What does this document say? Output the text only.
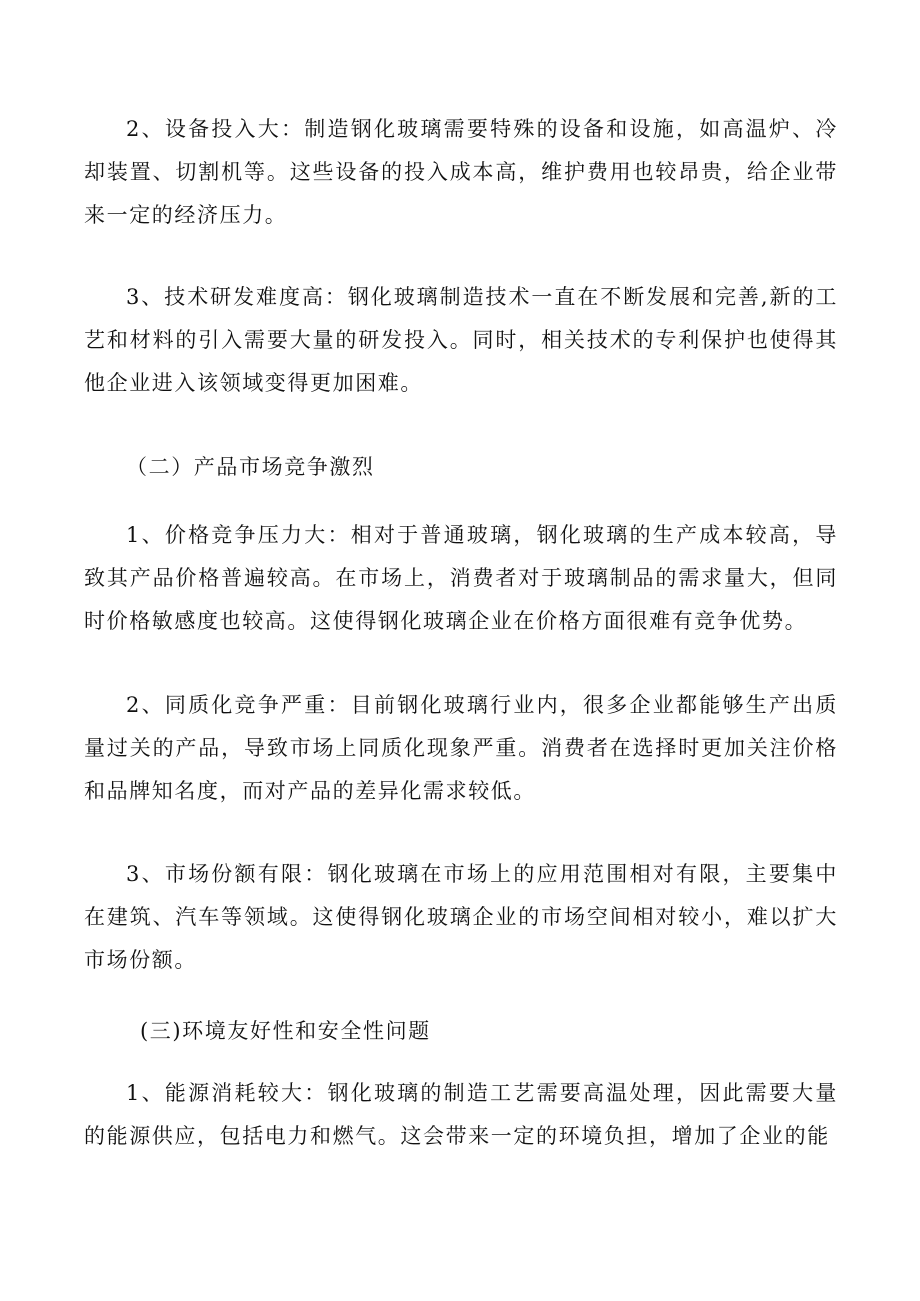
2、设备投入大：制造钢化玻璃需要特殊的设备和设施，如高温炉、冷却装置、切割机等。这些设备的投入成本高，维护费用也较昂贵，给企业带来一定的经济压力。

3、技术研发难度高：钢化玻璃制造技术一直在不断发展和完善,新的工艺和材料的引入需要大量的研发投入。同时，相关技术的专利保护也使得其他企业进入该领域变得更加困难。

（二）产品市场竞争激烈

1、价格竞争压力大：相对于普通玻璃，钢化玻璃的生产成本较高，导致其产品价格普遍较高。在市场上，消费者对于玻璃制品的需求量大，但同时价格敏感度也较高。这使得钢化玻璃企业在价格方面很难有竞争优势。

2、同质化竞争严重：目前钢化玻璃行业内，很多企业都能够生产出质量过关的产品，导致市场上同质化现象严重。消费者在选择时更加关注价格和品牌知名度，而对产品的差异化需求较低。

3、市场份额有限：钢化玻璃在市场上的应用范围相对有限，主要集中在建筑、汽车等领域。这使得钢化玻璃企业的市场空间相对较小，难以扩大市场份额。

(三)环境友好性和安全性问题

1、能源消耗较大：钢化玻璃的制造工艺需要高温处理，因此需要大量的能源供应，包括电力和燃气。这会带来一定的环境负担，增加了企业的能
